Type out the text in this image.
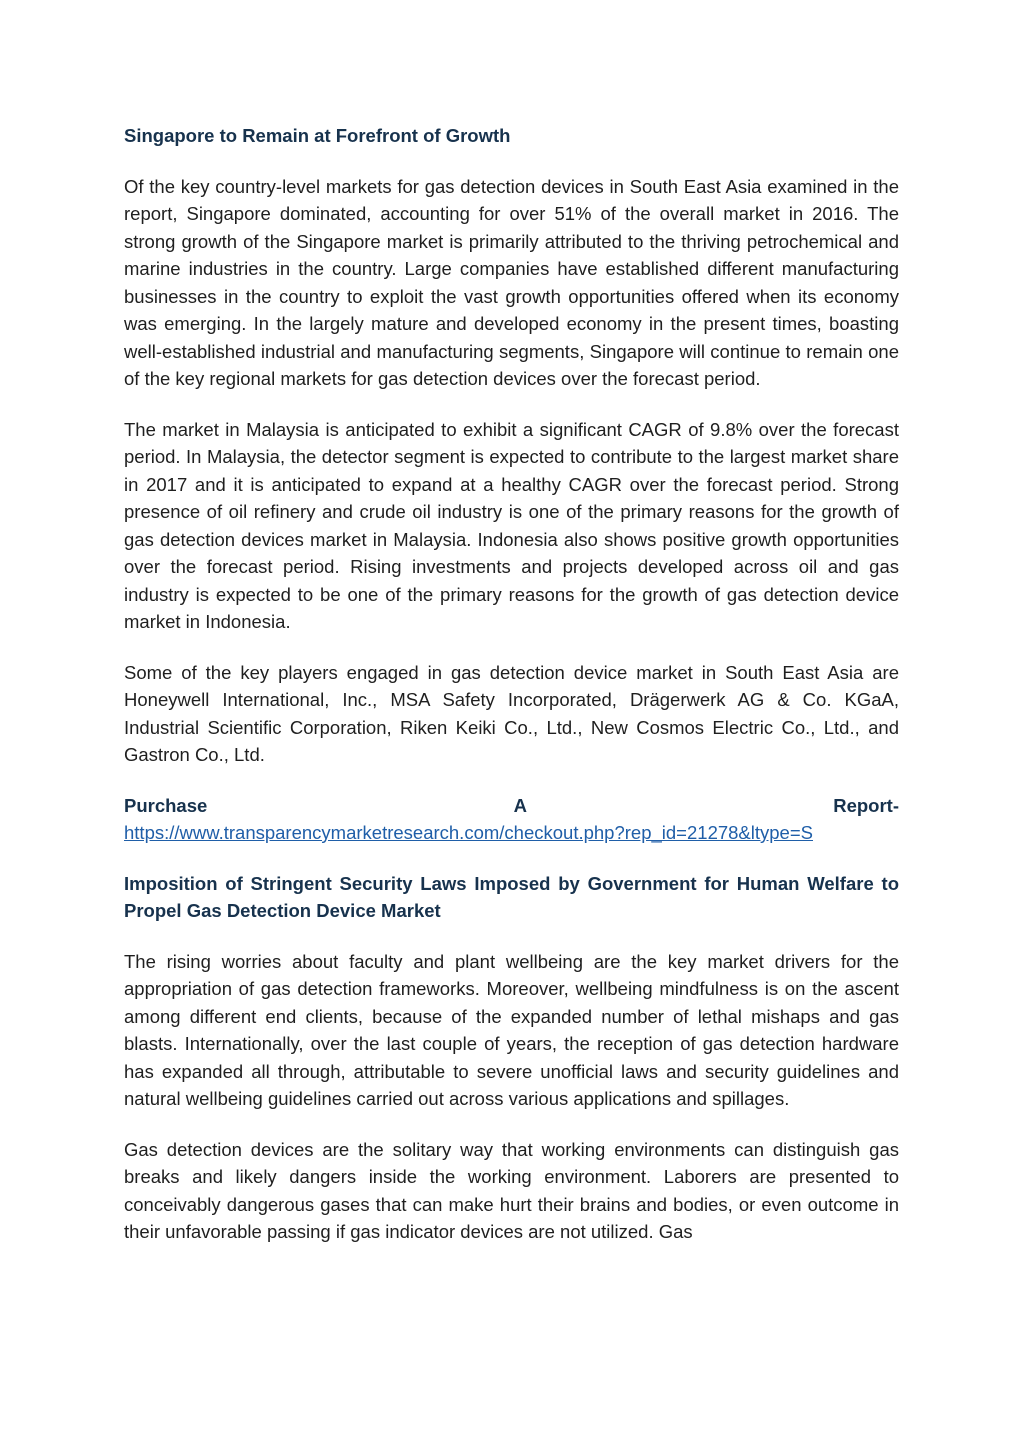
Singapore to Remain at Forefront of Growth

Of the key country-level markets for gas detection devices in South East Asia examined in the report, Singapore dominated, accounting for over 51% of the overall market in 2016. The strong growth of the Singapore market is primarily attributed to the thriving petrochemical and marine industries in the country. Large companies have established different manufacturing businesses in the country to exploit the vast growth opportunities offered when its economy was emerging. In the largely mature and developed economy in the present times, boasting well-established industrial and manufacturing segments, Singapore will continue to remain one of the key regional markets for gas detection devices over the forecast period.

The market in Malaysia is anticipated to exhibit a significant CAGR of 9.8% over the forecast period. In Malaysia, the detector segment is expected to contribute to the largest market share in 2017 and it is anticipated to expand at a healthy CAGR over the forecast period. Strong presence of oil refinery and crude oil industry is one of the primary reasons for the growth of gas detection devices market in Malaysia. Indonesia also shows positive growth opportunities over the forecast period. Rising investments and projects developed across oil and gas industry is expected to be one of the primary reasons for the growth of gas detection device market in Indonesia.

Some of the key players engaged in gas detection device market in South East Asia are Honeywell International, Inc., MSA Safety Incorporated, Drägerwerk AG & Co. KGaA, Industrial Scientific Corporation, Riken Keiki Co., Ltd., New Cosmos Electric Co., Ltd., and Gastron Co., Ltd.

Purchase	A	Report-
https://www.transparencymarketresearch.com/checkout.php?rep_id=21278&ltype=S
Imposition of Stringent Security Laws Imposed by Government for Human Welfare to Propel Gas Detection Device Market

The rising worries about faculty and plant wellbeing are the key market drivers for the appropriation of gas detection frameworks. Moreover, wellbeing mindfulness is on the ascent among different end clients, because of the expanded number of lethal mishaps and gas blasts. Internationally, over the last couple of years, the reception of gas detection hardware has expanded all through, attributable to severe unofficial laws and security guidelines and natural wellbeing guidelines carried out across various applications and spillages.

Gas detection devices are the solitary way that working environments can distinguish gas breaks and likely dangers inside the working environment. Laborers are presented to conceivably dangerous gases that can make hurt their brains and bodies, or even outcome in their unfavorable passing if gas indicator devices are not utilized. Gas
